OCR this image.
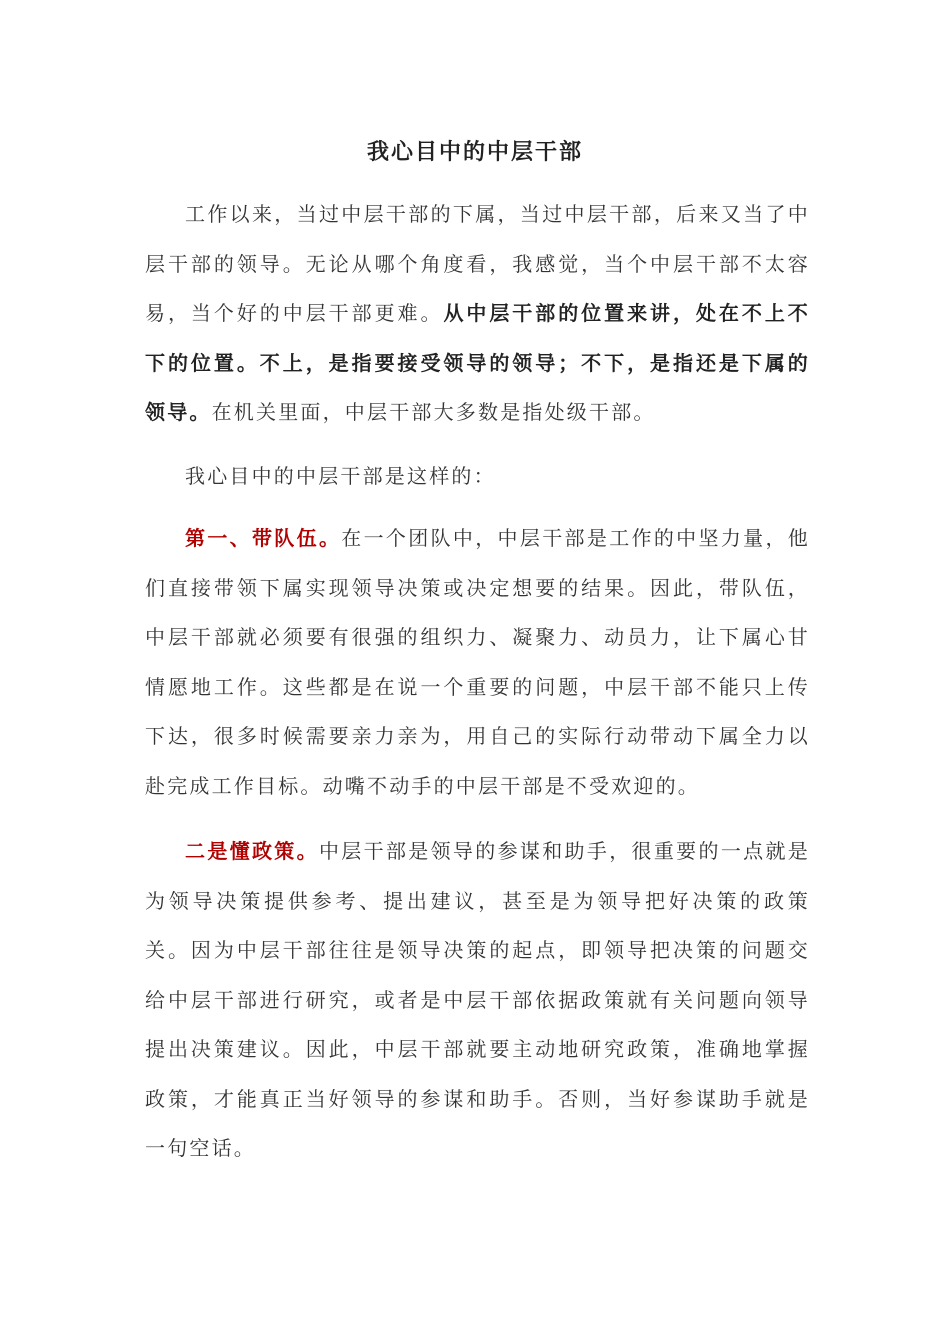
我心目中的中层干部

工作以来，当过中层干部的下属，当过中层干部，后来又当了中层干部的领导。无论从哪个角度看，我感觉，当个中层干部不太容易，当个好的中层干部更难。从中层干部的位置来讲，处在不上不下的位置。不上，是指要接受领导的领导；不下，是指还是下属的领导。在机关里面，中层干部大多数是指处级干部。

我心目中的中层干部是这样的：

第一、带队伍。在一个团队中，中层干部是工作的中坚力量，他们直接带领下属实现领导决策或决定想要的结果。因此，带队伍，中层干部就必须要有很强的组织力、凝聚力、动员力，让下属心甘情愿地工作。这些都是在说一个重要的问题，中层干部不能只上传下达，很多时候需要亲力亲为，用自己的实际行动带动下属全力以赴完成工作目标。动嘴不动手的中层干部是不受欢迎的。

二是懂政策。中层干部是领导的参谋和助手，很重要的一点就是为领导决策提供参考、提出建议，甚至是为领导把好决策的政策关。因为中层干部往往是领导决策的起点，即领导把决策的问题交给中层干部进行研究，或者是中层干部依据政策就有关问题向领导提出决策建议。因此，中层干部就要主动地研究政策，准确地掌握政策，才能真正当好领导的参谋和助手。否则，当好参谋助手就是一句空话。
